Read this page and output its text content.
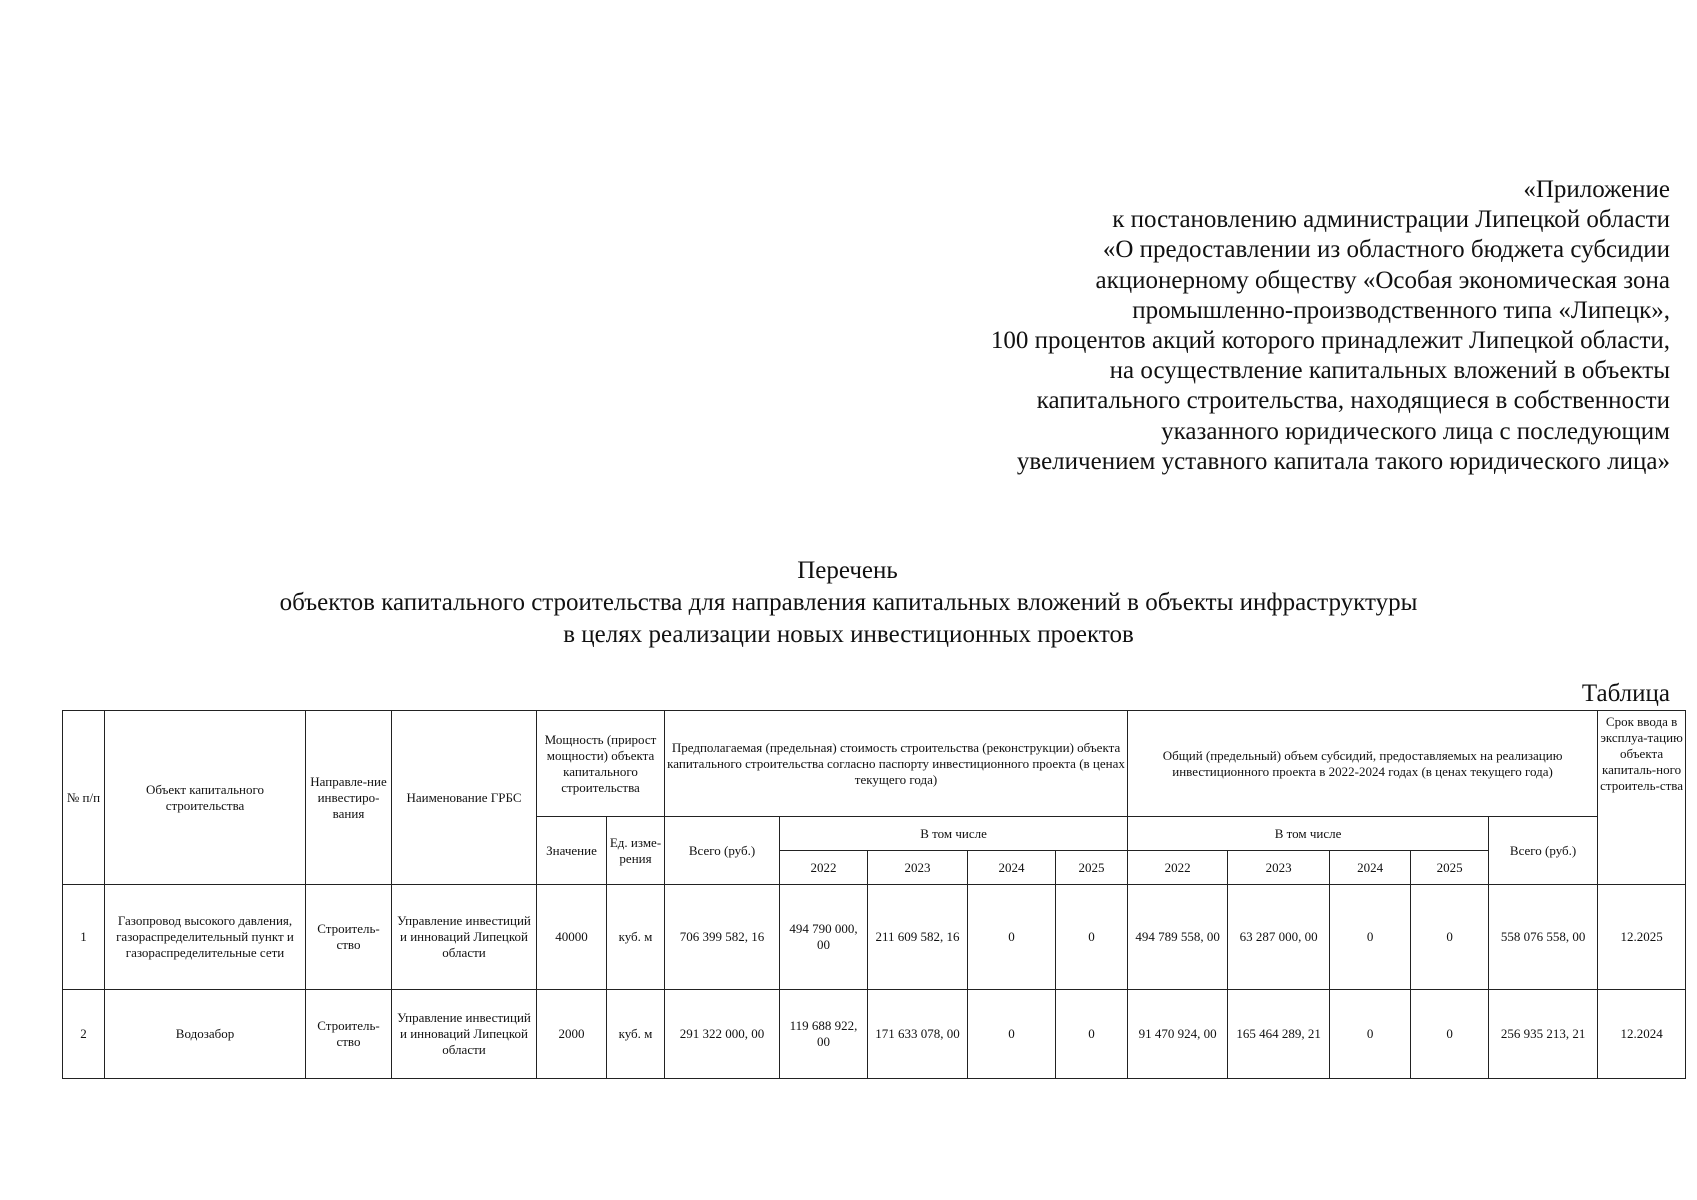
«Приложение
к постановлению администрации Липецкой области
«О предоставлении из областного бюджета субсидии
акционерному обществу «Особая экономическая зона
промышленно-производственного типа «Липецк»,
100 процентов акций которого принадлежит Липецкой области,
на осуществление капитальных вложений в объекты
капитального строительства, находящиеся в собственности
указанного юридического лица с последующим
увеличением уставного капитала такого юридического лица»
Перечень
объектов капитального строительства для направления капитальных вложений в объекты инфраструктуры
в целях реализации новых инвестиционных проектов
Таблица
№ п/п	Объект капитального строительства	Направле-ние инвестиро-вания	Наименование ГРБС	Мощность (прирост мощности) объекта капитального строительства		Предполагаемая (предельная) стоимость строительства (реконструкции) объекта капитального строительства согласно паспорту инвестиционного проекта (в ценах текущего года)					Общий (предельный) объем субсидий, предоставляемых на реализацию инвестиционного проекта в 2022-2024 годах (в ценах текущего года)					Срок ввода в эксплуа-тацию объекта капиталь-ного строитель-ства
				Значение	Ед. изме-рения	Всего (руб.)	В том числе				В том числе				Всего (руб.)	
							2022	2023	2024	2025	2022	2023	2024	2025		
1	Газопровод высокого давления, газораспределительный пункт и газораспределительные сети	Строитель-ство	Управление инвестиций и инноваций Липецкой области	40000	куб. м	706 399 582, 16	494 790 000, 00	211 609 582, 16	0	0	494 789 558, 00	63 287 000, 00	0	0	558 076 558, 00	12.2025
2	Водозабор	Строитель-ство	Управление инвестиций и инноваций Липецкой области	2000	куб. м	291 322 000, 00	119 688 922, 00	171 633 078, 00	0	0	91 470 924, 00	165 464 289, 21	0	0	256 935 213, 21	12.2024
